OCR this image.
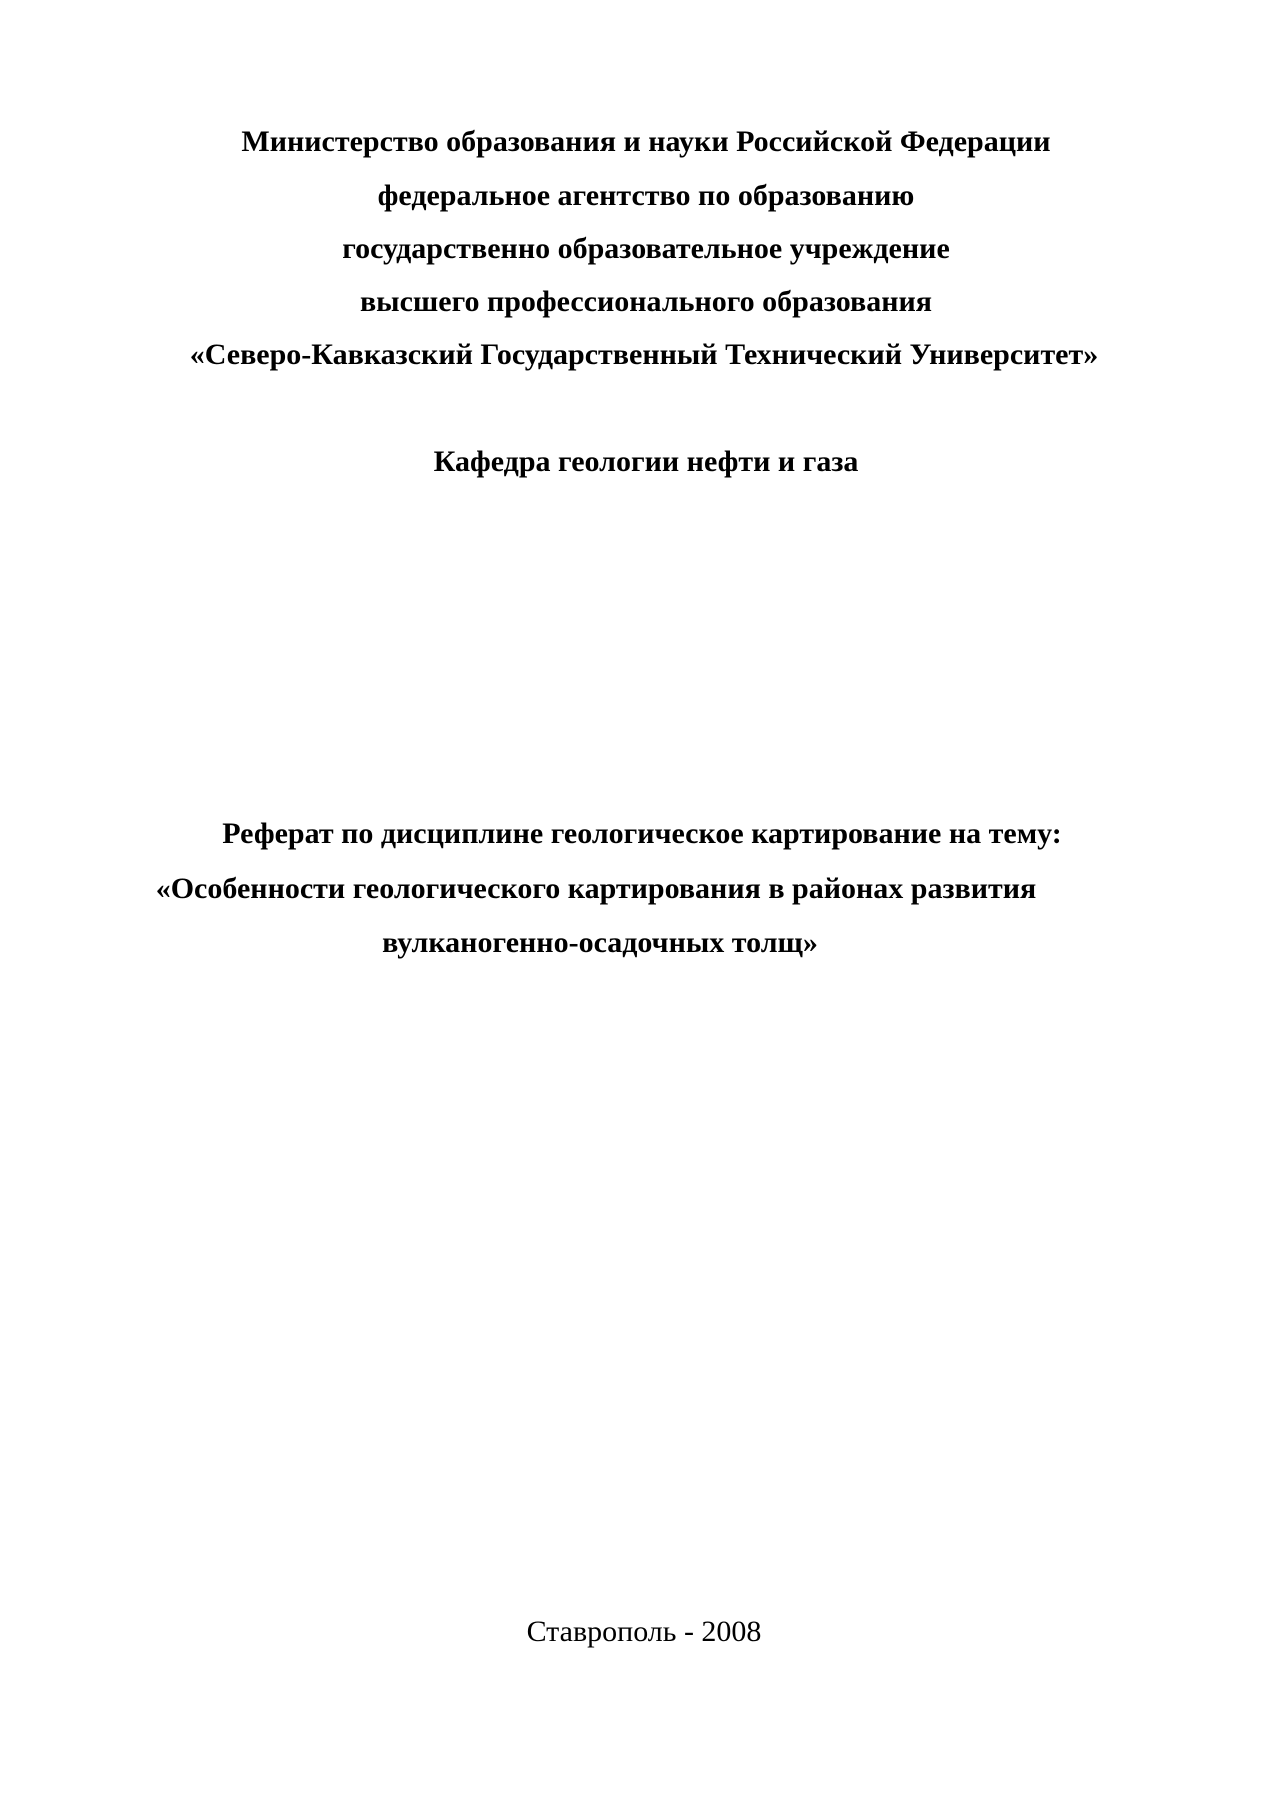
Министерство образования и науки Российской Федерации
федеральное агентство по образованию
государственно образовательное учреждение
высшего профессионального образования
«Северо-Кавказский Государственный Технический Университет»
Кафедра геологии нефти и газа
Реферат по дисциплине геологическое картирование на тему:
«Особенности геологического картирования в районах развития
вулканогенно-осадочных толщ»
Ставрополь - 2008
